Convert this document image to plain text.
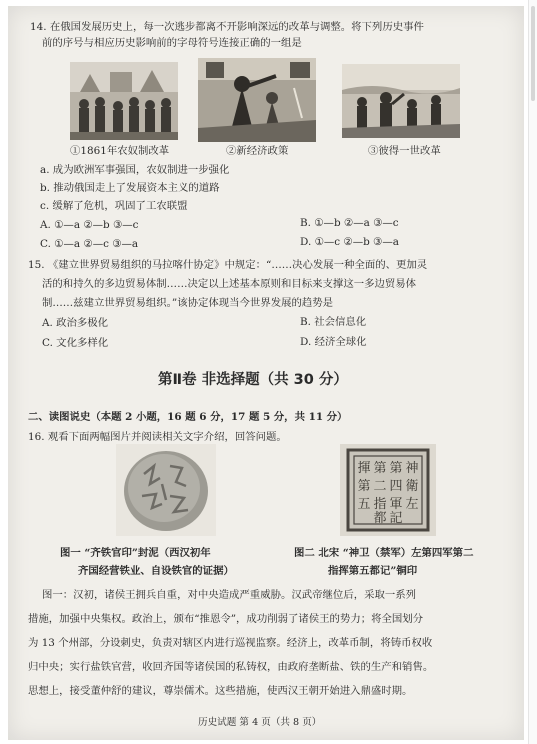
14. 在俄国发展历史上，每一次逃步都离不开影响深远的改革与调整。将下列历史事件
前的序号与相应历史影响前的字母符号连接正确的一组是
①1861年农奴制改革	②新经济政策	③彼得一世改革
a. 成为欧洲军事强国，农奴制进一步强化
b. 推动俄国走上了发展资本主义的道路
c. 缓解了危机，巩固了工农联盟
A. ①—a ②—b ③—c	B. ①—b ②—a ③—c
C. ①—a ②—c ③—a	D. ①—c ②—b ③—a
15. 《建立世界贸易组织的马拉喀什协定》中规定：“……决心发展一种全面的、更加灵
活的和持久的多边贸易体制……决定以上述基本原则和目标来支撑这一多边贸易体
制……兹建立世界贸易组织。”该协定体现当今世界发展的趋势是
A. 政治多极化	B. 社会信息化
C. 文化多样化	D. 经济全球化
第Ⅱ卷 非选择题（共 30 分）
二、读图说史（本题 2 小题，16 题 6 分，17 题 5 分，共 11 分）
16. 观看下面两幅图片并阅读相关文字介绍，回答问题。
神
衛
左
第
四
軍
第
二
指
揮
第
五
都 記
图一 “齐铁官印”封泥（西汉初年
齐国经营铁业、自设铁官的证据）
图二 北宋 “神卫（禁军）左第四军第二
指挥第五都记”铜印
图一：汉初，诸侯王拥兵自重，对中央造成严重威胁。汉武帝继位后，采取一系列
措施，加强中央集权。政治上，颁布“推恩令”，成功削弱了诸侯王的势力；将全国划分
为 13 个州部，分设刺史，负责对辖区内进行巡视监察。经济上，改革币制，将铸币权收
归中央；实行盐铁官营，收回齐国等诸侯国的私铸权，由政府垄断盐、铁的生产和销售。
思想上，接受董仲舒的建议，尊崇儒术。这些措施，使西汉王朝开始进入鼎盛时期。
历史试题 第 4 页（共 8 页）
